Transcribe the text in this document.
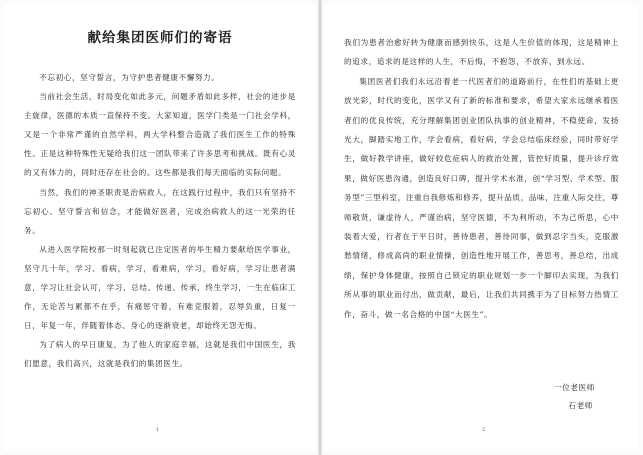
献给集团医师们的寄语

不忘初心，坚守誓言，为守护患者健康不懈努力。

当前社会生活，时局变化如此多元，问题矛盾如此多样，社会的进步是主旋律，医德的本质一直保持不变。大家知道，医学门类是一门社会学科，又是一个非常严谨的自然学科，两大学科整合造就了我们医生工作的特殊性。正是这种特殊性无疑给我们这一团队带来了许多思考和挑战。既有心灵的又有体力的，同时还存在社会的。这些都是我们每天面临的实际问题。

当然，我们的神圣职责是治病救人，在这践行过程中，我们只有坚持不忘初心、坚守誓言和信念，才能做好医者，完成治病救人的这一光荣的任务。

从进入医学院校那一时刻起就已注定医者的毕生精力要献给医学事业，坚守几十年，学习、看病，学习，看难病，学习，看好病，学习让患者满意，学习让社会认可，学习、总结、传递、传承，终生学习，一生在临床工作，无论苦与累都不在乎，有痛惩守着，有难克服着，忍辱负重，日复一日，年复一年，伴随着体态、身心的逐渐衰老，却始终无怨无悔。

为了病人的早日康复，为了他人的家庭幸福，这就是我们中国医生，我们愿意，我们高兴，这就是我们的集团医生。

1

我们为患者治愈好转为健康而感到快乐，这是人生价值的体现，这是精神上的追求，追求的是这样的人生，不后悔，不抱怨，不放弃，到永远。

集团医者们我们永远沿着老一代医者们的道路前行，在性们的基础上更放光彩，时代的变化，医学又有了新的标准和要求，希望大家永远继承着医者们的优良传统，充分理解集团创业团队执事的创业精神，不稳使命，发扬光大，脚踏实地工作，学会看病，看好病，学会总结临床经验，同时带好学生，做好教学讲座，做好较危症病人的救治处置，管控好质量，提升诊疗效果，做好医患沟通，创造良好口碑，提升学术水准，创“学习型、学术型、服务型”三型科室，注重自我修炼和修养，提升品质，品味，注重人际交往，尊师敬贤，谦虚待人，严谨治病，坚守医德，不为利所动，不为己所思，心中装着大爱，行者在于平日时，善待患者，善待同事，做到忍字当头，克服激愁情绪，修成高尚的职业情操，创造性地开展工作，善思考，善总结，出成绩，保护身体健康，按照自己锁定的职业规划一步一个脚印去实现，为我们所从事的职业而付出，做贡献，最后，让我们共同携手为了目标努力热情工作，奋斗，做一名合格的中国“大医生”。

一位老医师
石老师
2
